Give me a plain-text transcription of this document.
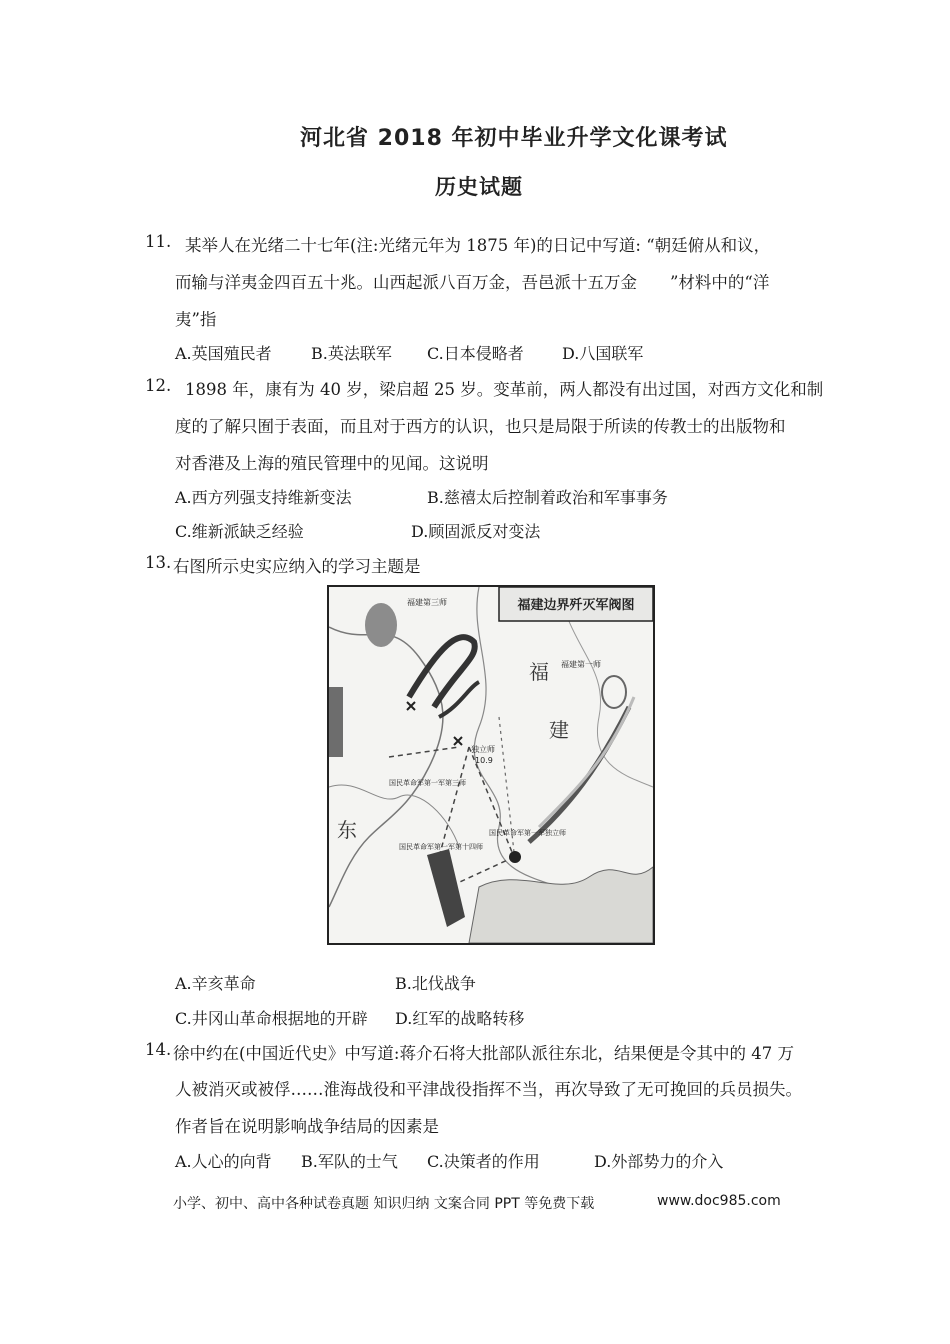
河北省 2018 年初中毕业升学文化课考试
历史试题
11. 某举人在光绪二十七年(注:光绪元年为 1875 年)的日记中写道: “朝廷俯从和议，
而输与洋夷金四百五十兆。山西起派八百万金，吾邑派十五万金　　”材料中的“洋
夷”指
A.英国殖民者 B.英法联军 C.日本侵略者 D.八国联军
12. 1898 年，康有为 40 岁，梁启超 25 岁。变革前，两人都没有出过国，对西方文化和制
度的了解只囿于表面，而且对于西方的认识，也只是局限于所读的传教士的出版物和
对香港及上海的殖民管理中的见闻。这说明
A.西方列强支持维新变法	B.慈禧太后控制着政治和军事事务
C.维新派缺乏经验	D.顾固派反对变法
13. 右图所示史实应纳入的学习主题是
福建边界歼灭军阀图
福
建
东
福建第三师
福建第一师
独立师
10.9
国民革命军第一军第三师
国民革命军第一军独立师
国民革命军第一军第十四师
A.辛亥革命	B.北伐战争
C.井冈山革命根据地的开辟 D.红军的战略转移
14. 徐中约在(中国近代史》中写道:蒋介石将大批部队派往东北，结果便是令其中的 47 万
人被消灭或被俘……淮海战役和平津战役指挥不当，再次导致了无可挽回的兵员损失。
作者旨在说明影响战争结局的因素是
A.人心的向背 B.军队的士气 C.决策者的作用	D.外部势力的介入
小学、初中、高中各种试卷真题 知识归纳 文案合同 PPT 等免费下载	www.doc985.com
